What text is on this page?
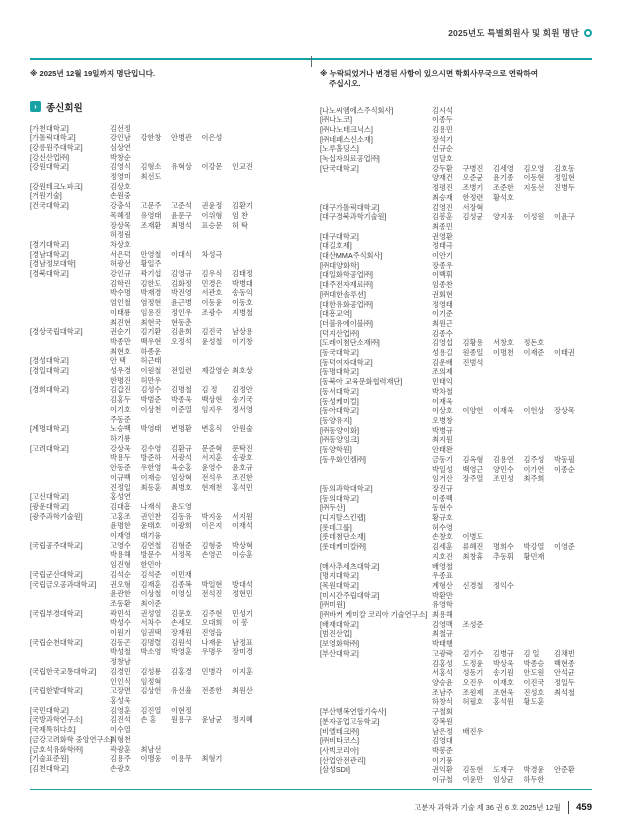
2025년도 특별회원사 및 회원 명단
※ 2025년 12월 19일까지 명단입니다.	※ 누락되었거나 변경된 사항이 있으시면 학회사무국으로 연락하여
주십시오.
› 종신회원
[가천대학교]	김선정
[가톨릭대학교]	강인남	강한창	안병관	이은성
[강릉원주대학교]	심상연
[강신산업㈜]	박창순
[강원대학교]	김영식	김형소	유혁상	이강문	인교진
정영미	최선도
[강원테크노파크]	김상호
[거원기술]	손원중
[건국대학교]	강충석	고문주	고준석	권윤정	김환기
목혜정	유영태	윤문구	이위형	임 찬
장상목	조재환	최명석	표승문	허 탁
허정림
[경기대학교]	차상호
[경남대학교]	서은덕	안영철	이대식	차성극
[경남정보대학]	허광선	황일주
[경북대학교]	강인규	곽기섭	김영규	김우식	김태정
김학린	김한도	김화정	민경은	박병대
박수명	박재경	박진영	서관호	송동익
엄인철	염정현	윤근병	이동윤	이동호
이태룡	임용진	정인우	조광수	지병철
최진현	최현국	현동춘
[경상국립대학교]	권순기	김기환	김윤희	김진국	남상용
박종만	백우현	오정석	윤성철	이기창
최현호	하종운
[경성대학교]	안 택	허근태
[경일대학교]	성우경	이원철	전일련	제갈영순 최호상
한명진	허만우
[경희대학교]	김갑진	김성수	김명철	김 정	김정안
김홍두	박범준	박종욱	백상현	송기국
이기호	이상천	이준열	임지우	정서영
주동준
[계명대학교]	노승백	박영태	변명환	변홍식	안원술
하기룡
[고려대학교]	강상욱	김수영	김환규	문준혁	문탁진
박용두	방준하	서광석	서지훈	송광호
안동준	우한영	육순홍	윤영수	윤호규
이규백	이재승	임상혁	전석우	조진한
진정일	최동훈	최병호	현재천	홍석민
[고신대학교]	홍성연
[광운대학교]	김대흠	나재식	윤도영
[광주과학기술원]	고홍조	권인찬	김동유	박지웅	서지원
윤명한	윤태호	이광희	이은지	이재석
이재영	태기융
[국립공주대학교]	고영수	김연철	김형준	김형중	박상혁
박용해	방문수	서정목	손영곤	이승훈
임진형	한민아
[국립군산대학교]	김석순	김석준	이민재
[국립금오공과대학교]	권오형	김재훈	김종복	박일현	방대석
윤관한	이상철	이영실	전석진	정현민
조동환	최이준
[국립부경대학교]	곽민석	권성열	김문호	김주현	민성기
박성수	서차수	손세모	오대희	이 봉
이원기	임권택	장재원	진영읍
[국립순천대학교]	김동곤	김명렬	김원석	나재운	남정표
박성철	박소영	박영훈	우명우	장미경
정창남
[국립한국교통대학교]	김경민	김성룡	김홍경	민병각	이지훈
인인식	임정혁
[국립한밭대학교]	고장면	김상헌	유선율	전종한	최원산
홍성욱
[국민대학교]	김영훈	김진열	이현정
[국방과학연구소]	김진석	손 홍	원용구	윤남균	정지혜
[국제특허다호]	이수열
[금강고려화학 중앙연구소]
최형천
[금호석유화학㈜]	곽광훈	최남선
[기술표준원]	김용주	이맹웅	이용무	최형기
[김천대학교]	손광호
[나노씨엠에스주식회사]	김시석
[㈜나노코]	이종두
[㈜나노테크닉스]	김용민
[㈜네패스신소재]	장석기
[노루홀딩스]	신규순
[녹십자의료공업㈜]	엄달호
[단국대학교]	강두환	구병진	김세영	김오영	김호동
양재건	오준균	윤기종	이동현	정일현
정평진	조병기	조준한	지동선	진병두
최승재	한정련	황석호
[대구가톨릭대학교]	김영진	서장혁
[대구경북과학기술원]	김봉훈	김성균	양지웅	이성원	이윤구
최종민
[대구대학교]	권영환
[대길호제]	정태극
[대산MMA주식회사]	이안기
[㈜대양화학]	장종우
[대일화학공업㈜]	이백휘
[대주전자재료㈜]	임종찬
[㈜대한솔루션]	권회현
[대한유화공업㈜]	정영태
[대흥교역]	이기준
[더블유에이블㈜]	최원근
[덕지산업㈜]	김종수
[도레이첨단소재㈜]	김영섭	김황용	서창호	정돈호
[동국대학교]	성용길	원종일	이명천	이재준	이태권
[동덕여자대학교]	김운배	진범석
[동명대학교]	조의제
[동북아 교육문화협력재단]	민태익
[동서대학교]	박차철
[동성케미컬]	이재욱
[동아대학교]	이상호	이양헌	이재욱	이헌상	장상목
[동양유지]	오병창
[㈜동양이화]	박병규
[㈜동양잉크]	최지원
[동양학원]	안태완
[동우화인켐㈜]	금동기	김옥형	김용연	김주성	박동필
박일성	백영근	양민수	이가연	이종순
임거산	장주열	조민성	최주희
[동의과학대학교]	장진규
[동의대학교]	이종백
[㈜두산]	동현수
[디지탈스킨랩]	황규호
[롯데그룹]	허수영
[롯데첨단소재]	손창호	이병도
[롯데케미칼㈜]	김세훈	류혜진	명희수	박강열	이영준
지호진	최창휴	추동휘	황민재
[매사추세츠대학교]	배영철
[명지대학교]	우종표
[목원대학교]	계형산	신경철	정익수
[미시간주립대학교]	박환만
[㈜미원]	유영학
[㈜바커 케미칼 코리아 기술연구소] 최용해
[배재대학교]	김영맥	조성준
[범진산업]	최철규
[보영화학㈜]	박태행
[부산대학교]	고광락	김기수	김병규	김 일	김채빈
김홍성	도정윤	박상욱	박종승	백현종
서홍석	성동기	송기원	안도원	안석균
양승윤	오진우	이재호	이진국	정일두
조남주	조원제	조현욱	진성호	최석철
하창식	허필호	홍석원	황도훈
[부산행복연합기숙사]	구철회
[분자공업고등학교]	강복원
[비엘테크㈜]	남은정	배진우
[㈜비타코스]	김영대
[사빅코리아]	박봉준
[산업안전관리]	이기풍
[삼성SDI]	권익환	김동현	도재구	박경윤	안준환
이규철	이윤만	임상균	하두한
고분자 과학과 기술 제 36 권 6 호 2025년 12월 459
